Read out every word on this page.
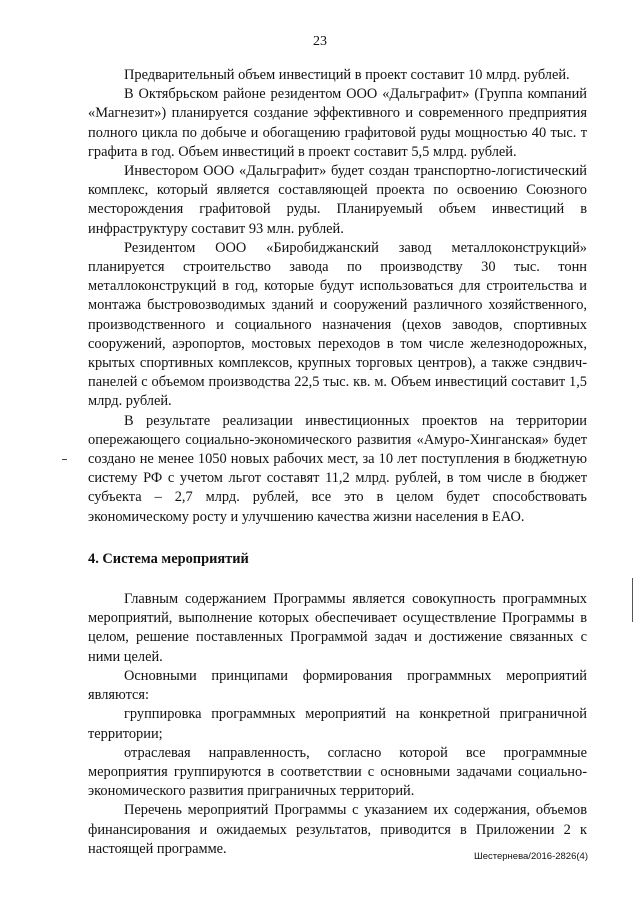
23

Предварительный объем инвестиций в проект составит 10 млрд. рублей.

В Октябрьском районе резидентом ООО «Дальграфит» (Группа компаний «Магнезит») планируется создание эффективного и современного предприятия полного цикла по добыче и обогащению графитовой руды мощностью 40 тыс. т графита в год. Объем инвестиций в проект составит 5,5 млрд. рублей.

Инвестором ООО «Дальграфит» будет создан транспортно-логистический комплекс, который является составляющей проекта по освоению Союзного месторождения графитовой руды. Планируемый объем инвестиций в инфраструктуру составит 93 млн. рублей.

Резидентом ООО «Биробиджанский завод металлоконструкций» планируется строительство завода по производству 30 тыс. тонн металлоконструкций в год, которые будут использоваться для строительства и монтажа быстровозводимых зданий и сооружений различного хозяйственного, производственного и социального назначения (цехов заводов, спортивных сооружений, аэропортов, мостовых переходов в том числе железнодорожных, крытых спортивных комплексов, крупных торговых центров), а также сэндвич-панелей с объемом производства 22,5 тыс. кв. м. Объем инвестиций составит 1,5 млрд. рублей.

В результате реализации инвестиционных проектов на территории опережающего социально-экономического развития «Амуро-Хинганская» будет создано не менее 1050 новых рабочих мест, за 10 лет поступления в бюджетную систему РФ с учетом льгот составят 11,2 млрд. рублей, в том числе в бюджет субъекта – 2,7 млрд. рублей, все это в целом будет способствовать экономическому росту и улучшению качества жизни населения в ЕАО.

4. Система мероприятий

Главным содержанием Программы является совокупность программных мероприятий, выполнение которых обеспечивает осуществление Программы в целом, решение поставленных Программой задач и достижение связанных с ними целей.

Основными принципами формирования программных мероприятий являются:

группировка программных мероприятий на конкретной приграничной территории;

отраслевая направленность, согласно которой все программные мероприятия группируются в соответствии с основными задачами социально-экономического развития приграничных территорий.

Перечень мероприятий Программы с указанием их содержания, объемов финансирования и ожидаемых результатов, приводится в Приложении 2 к настоящей программе.	Шестернева/2016-2826(4)
